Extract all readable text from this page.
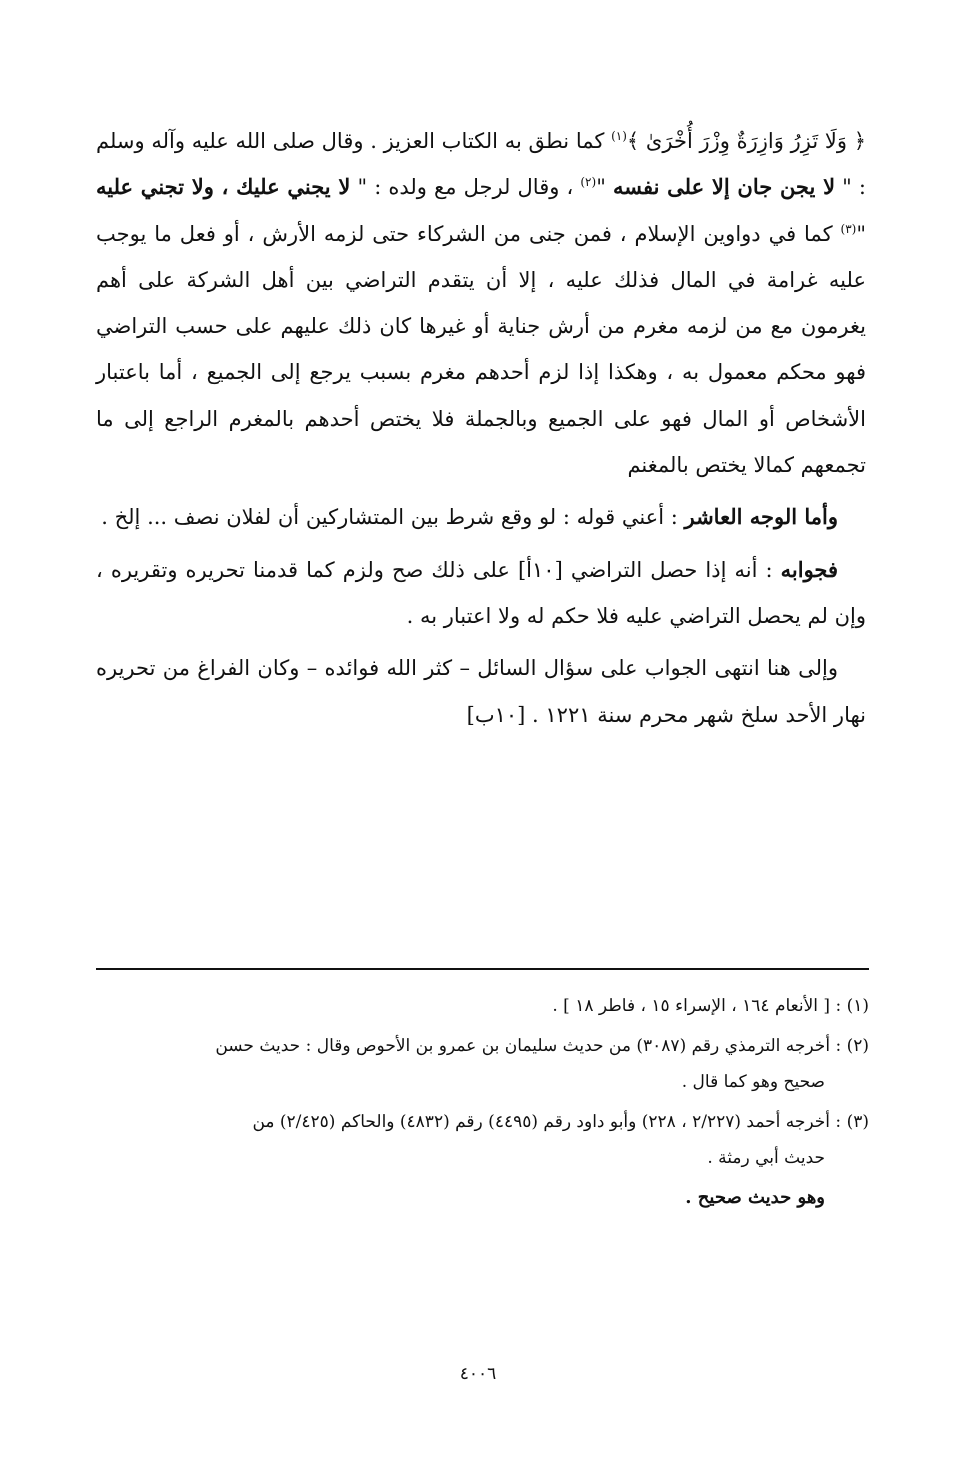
﴿ وَلَا تَزِرُ وَازِرَةٌ وِزْرَ أُخْرَىٰ ﴾$^{(١)}$ كما نطق به الكتاب العزيز . وقال صلى الله عليه وآله وسلم : " لا يجن جان إلا على نفسه "$^{(٢)}$ ، وقال لرجل مع ولده : " لا يجني عليك ، ولا تجني عليه "$^{(٣)}$ كما في دواوين الإسلام ، فمن جنى من الشركاء حتى لزمه الأرش ، أو فعل ما يوجب عليه غرامة في المال فذلك عليه ، إلا أن يتقدم التراضي بين أهل الشركة على أهم يغرمون مع من لزمه مغرم من أرش جناية أو غيرها كان ذلك عليهم على حسب التراضي فهو محكم معمول به ، وهكذا إذا لزم أحدهم مغرم بسبب يرجع إلى الجميع ، أما باعتبار الأشخاص أو المال فهو على الجميع وبالجملة فلا يختص أحدهم بالمغرم الراجع إلى ما تجمعهم كمالا يختص بالمغنم

وأما الوجه العاشر : أعني قوله : لو وقع شرط بين المتشاركين أن لفلان نصف ... إلخ .

فجوابه : أنه إذا حصل التراضي [١٠أ] على ذلك صح ولزم كما قدمنا تحريره وتقريره ، وإن لم يحصل التراضي عليه فلا حكم له ولا اعتبار به .

وإلى هنا انتهى الجواب على سؤال السائل – كثر الله فوائده – وكان الفراغ من تحريره نهار الأحد سلخ شهر محرم سنة ١٢٢١ . [١٠ب]

(١) : [ الأنعام ١٦٤ ، الإسراء ١٥ ، فاطر ١٨ ] .

(٢) : أخرجه الترمذي رقم (٣٠٨٧) من حديث سليمان بن عمرو بن الأحوص وقال : حديث حسن
صحيح وهو كما قال .

(٣) : أخرجه أحمد (٢/٢٢٧ ، ٢٢٨) وأبو داود رقم (٤٤٩٥) رقم (٤٨٣٢) والحاكم (٢/٤٢٥) من
حديث أبي رمثة .

وهو حديث صحيح .

٤٠٠٦
